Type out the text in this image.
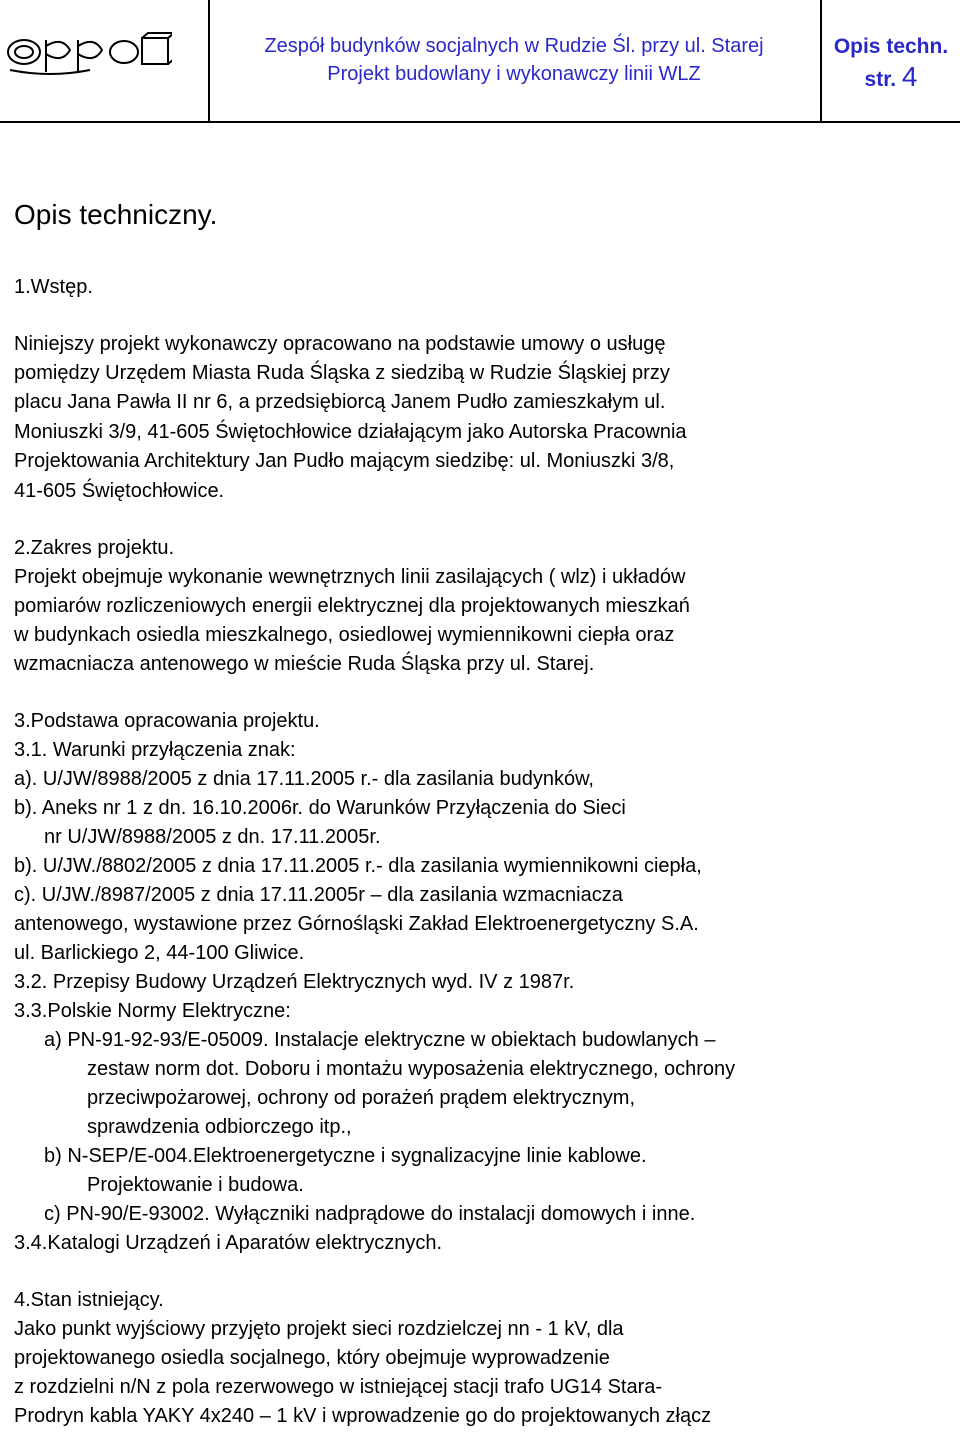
Zespół budynków socjalnych w Rudzie Śl. przy ul. Starej
Projekt budowlany i wykonawczy linii WLZ
Opis techn.
str. 4
Opis techniczny.
1.Wstęp.
Niniejszy projekt wykonawczy opracowano na podstawie umowy o usługę
pomiędzy Urzędem Miasta Ruda Śląska z siedzibą w Rudzie Śląskiej przy
placu Jana Pawła II nr 6, a przedsiębiorcą Janem Pudło zamieszkałym ul.
Moniuszki 3/9, 41-605 Świętochłowice działającym jako Autorska Pracownia
Projektowania Architektury Jan Pudło mającym siedzibę: ul. Moniuszki 3/8,
41-605 Świętochłowice.
2.Zakres projektu.
Projekt obejmuje wykonanie wewnętrznych linii zasilających ( wlz) i układów
pomiarów rozliczeniowych energii elektrycznej dla projektowanych mieszkań
w budynkach osiedla mieszkalnego, osiedlowej wymiennikowni ciepła oraz
wzmacniacza antenowego w mieście Ruda Śląska przy ul. Starej.
3.Podstawa opracowania projektu.
3.1. Warunki przyłączenia znak:
a). U/JW/8988/2005 z dnia 17.11.2005 r.- dla zasilania budynków,
b). Aneks nr 1 z dn. 16.10.2006r. do Warunków Przyłączenia do Sieci
nr U/JW/8988/2005 z dn. 17.11.2005r.
b). U/JW./8802/2005 z dnia 17.11.2005 r.- dla zasilania wymiennikowni ciepła,
c). U/JW./8987/2005 z dnia 17.11.2005r – dla zasilania wzmacniacza
antenowego, wystawione przez Górnośląski Zakład Elektroenergetyczny S.A.
ul. Barlickiego 2, 44-100 Gliwice.
3.2. Przepisy Budowy Urządzeń Elektrycznych wyd. IV z 1987r.
3.3.Polskie Normy Elektryczne:
a) PN-91-92-93/E-05009. Instalacje elektryczne w obiektach budowlanych –
zestaw norm dot. Doboru i montażu wyposażenia elektrycznego, ochrony
przeciwpożarowej, ochrony od porażeń prądem elektrycznym,
sprawdzenia odbiorczego itp.,
b) N-SEP/E-004.Elektroenergetyczne i sygnalizacyjne linie kablowe.
Projektowanie i budowa.
c) PN-90/E-93002. Wyłączniki nadprądowe do instalacji domowych i inne.
3.4.Katalogi Urządzeń i Aparatów elektrycznych.
4.Stan istniejący.
Jako punkt wyjściowy przyjęto projekt sieci rozdzielczej nn - 1 kV, dla
projektowanego osiedla socjalnego, który obejmuje wyprowadzenie
z rozdzielni n/N z pola rezerwowego w istniejącej stacji trafo UG14 Stara-
Prodryn kabla YAKY 4x240 – 1 kV i wprowadzenie go do projektowanych złącz
